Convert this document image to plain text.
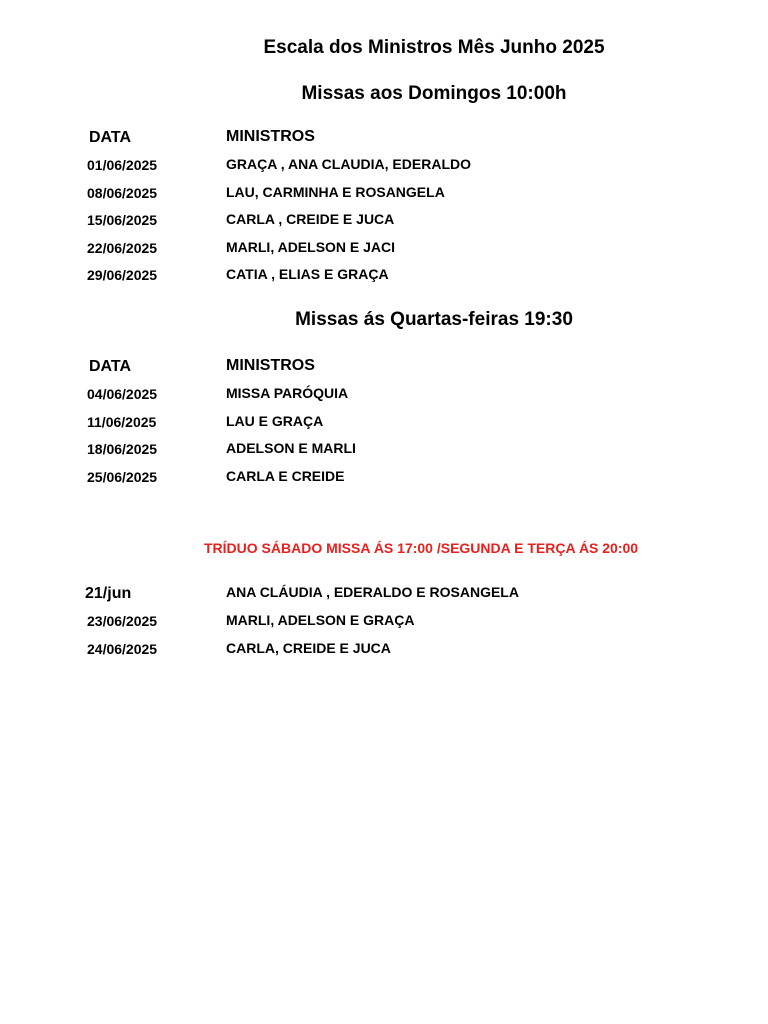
Escala dos Ministros Mês Junho 2025
Missas aos Domingos 10:00h
DATA	MINISTROS
01/06/2025	GRAÇA , ANA CLAUDIA, EDERALDO
08/06/2025	LAU, CARMINHA E ROSANGELA
15/06/2025	CARLA , CREIDE E JUCA
22/06/2025	MARLI, ADELSON E JACI
29/06/2025	CATIA , ELIAS E GRAÇA
Missas ás Quartas-feiras 19:30
DATA	MINISTROS
04/06/2025	MISSA PARÓQUIA
11/06/2025	LAU E GRAÇA
18/06/2025	ADELSON E MARLI
25/06/2025	CARLA E CREIDE
TRÍDUO SÁBADO MISSA ÁS 17:00 /SEGUNDA E TERÇA ÁS 20:00
21/jun	ANA CLÁUDIA , EDERALDO E ROSANGELA
23/06/2025	MARLI, ADELSON E GRAÇA
24/06/2025	CARLA, CREIDE E JUCA
